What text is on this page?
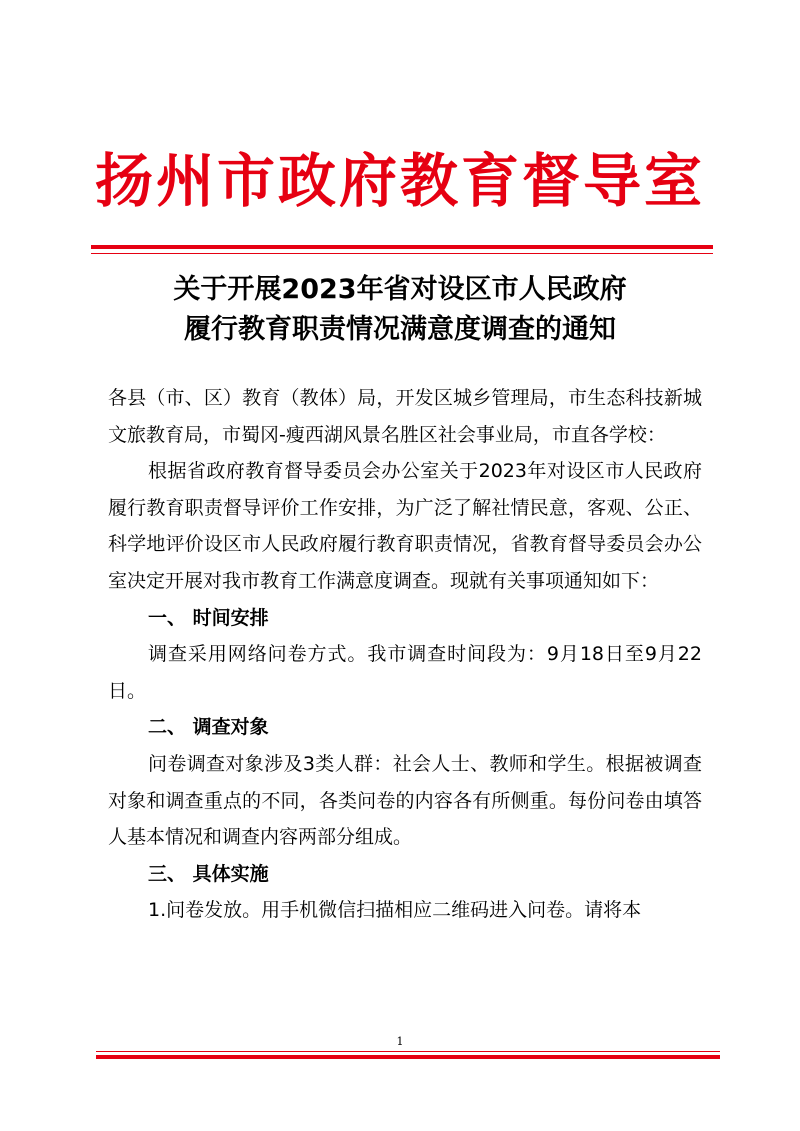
扬州市政府教育督导室
关于开展2023年省对设区市人民政府
履行教育职责情况满意度调查的通知

各县（市、区）教育（教体）局，开发区城乡管理局，市生态科技新城文旅教育局，市蜀冈-瘦西湖风景名胜区社会事业局，市直各学校：

根据省政府教育督导委员会办公室关于2023年对设区市人民政府履行教育职责督导评价工作安排，为广泛了解社情民意，客观、公正、科学地评价设区市人民政府履行教育职责情况，省教育督导委员会办公室决定开展对我市教育工作满意度调查。现就有关事项通知如下：

一、 时间安排

调查采用网络问卷方式。我市调查时间段为：9月18日至9月22日。

二、 调查对象

问卷调查对象涉及3类人群：社会人士、教师和学生。根据被调查对象和调查重点的不同，各类问卷的内容各有所侧重。每份问卷由填答人基本情况和调查内容两部分组成。

三、 具体实施

1.问卷发放。用手机微信扫描相应二维码进入问卷。请将本

1
